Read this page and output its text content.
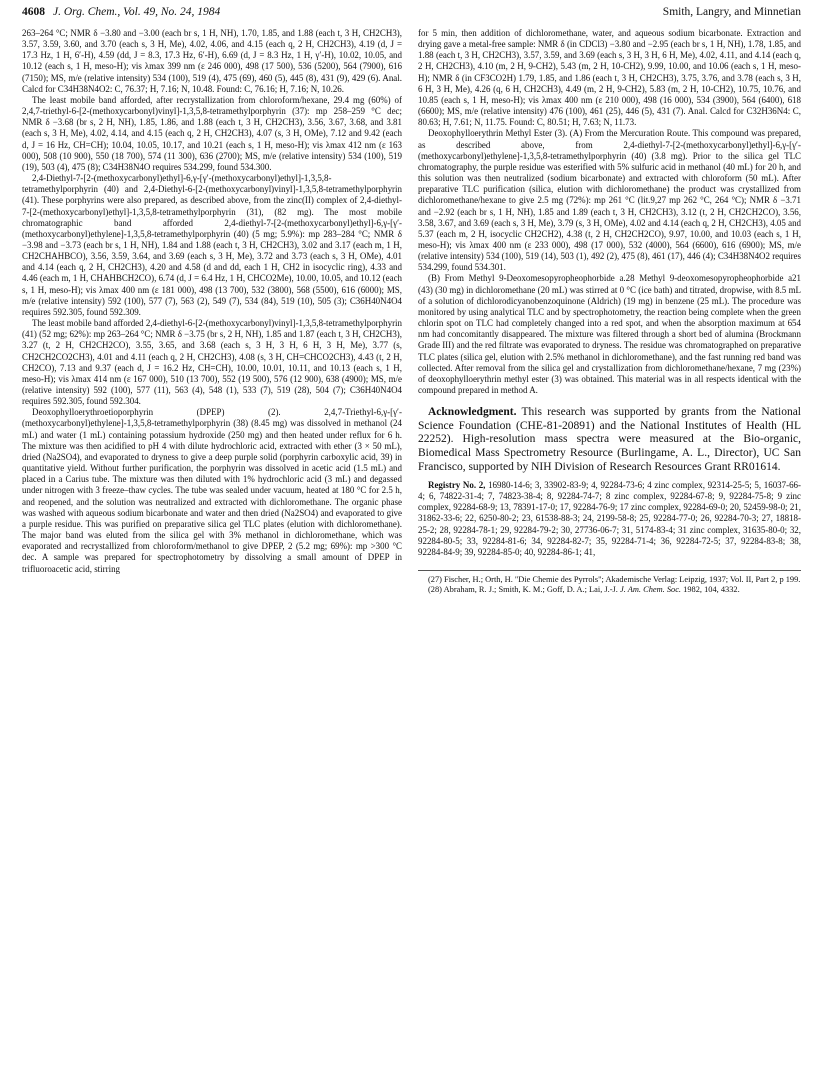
4608 J. Org. Chem., Vol. 49, No. 24, 1984	Smith, Langry, and Minnetian

263–264 °C; NMR δ −3.80 and −3.00 (each br s, 1 H, NH), 1.70, 1.85, and 1.88 (each t, 3 H, CH2CH3), 3.57, 3.59, 3.60, and 3.70 (each s, 3 H, Me), 4.02, 4.06, and 4.15 (each q, 2 H, CH2CH3), 4.19 (d, J = 17.3 Hz, 1 H, 6′-H), 4.59 (dd, J = 8.3, 17.3 Hz, 6′-H), 6.69 (d, J = 8.3 Hz, 1 H, γ′-H), 10.02, 10.05, and 10.12 (each s, 1 H, meso-H); vis λmax 399 nm (ε 246 000), 498 (17 500), 536 (5200), 564 (7900), 616 (7150); MS, m/e (relative intensity) 534 (100), 519 (4), 475 (69), 460 (5), 445 (8), 431 (9), 429 (6). Anal. Calcd for C34H38N4O2: C, 76.37; H, 7.16; N, 10.48. Found: C, 76.16; H, 7.16; N, 10.26.

The least mobile band afforded, after recrystallization from chloroform/hexane, 29.4 mg (60%) of 2,4,7-triethyl-6-[2-(methoxycarbonyl)vinyl]-1,3,5,8-tetramethylporphyrin (37): mp 258–259 °C dec; NMR δ −3.68 (br s, 2 H, NH), 1.85, 1.86, and 1.88 (each t, 3 H, CH2CH3), 3.56, 3.67, 3.68, and 3.81 (each s, 3 H, Me), 4.02, 4.14, and 4.15 (each q, 2 H, CH2CH3), 4.07 (s, 3 H, OMe), 7.12 and 9.42 (each d, J = 16 Hz, CH=CH); 10.04, 10.05, 10.17, and 10.21 (each s, 1 H, meso-H); vis λmax 412 nm (ε 163 000), 508 (10 900), 550 (18 700), 574 (11 300), 636 (2700); MS, m/e (relative intensity) 534 (100), 519 (19), 503 (4), 475 (8); C34H38N4O requires 534.299, found 534.300.

2,4-Diethyl-7-[2-(methoxycarbonyl)ethyl]-6,γ-[γ′-(methoxycarbonyl)ethyl]-1,3,5,8-tetramethylporphyrin (40) and 2,4-Diethyl-6-[2-(methoxycarbonyl)vinyl]-1,3,5,8-tetramethylporphyrin (41). These porphyrins were also prepared, as described above, from the zinc(II) complex of 2,4-diethyl-7-[2-(methoxycarbonyl)ethyl]-1,3,5,8-tetramethylporphyrin (31), (82 mg). The most mobile chromatographic band afforded 2,4-diethyl-7-[2-(methoxycarbonyl)ethyl]-6,γ-[γ′-(methoxycarbonyl)ethylene]-1,3,5,8-tetramethylporphyrin (40) (5 mg; 5.9%): mp 283–284 °C; NMR δ −3.98 and −3.73 (each br s, 1 H, NH), 1.84 and 1.88 (each t, 3 H, CH2CH3), 3.02 and 3.17 (each m, 1 H, CH2CHAHBCO), 3.56, 3.59, 3.64, and 3.69 (each s, 3 H, Me), 3.72 and 3.73 (each s, 3 H, OMe), 4.01 and 4.14 (each q, 2 H, CH2CH3), 4.20 and 4.58 (d and dd, each 1 H, CH2 in isocyclic ring), 4.33 and 4.46 (each m, 1 H, CHAHBCH2CO), 6.74 (d, J = 6.4 Hz, 1 H, CHCO2Me), 10.00, 10.05, and 10.12 (each s, 1 H, meso-H); vis λmax 400 nm (ε 181 000), 498 (13 700), 532 (3800), 568 (5500), 616 (6000); MS, m/e (relative intensity) 592 (100), 577 (7), 563 (2), 549 (7), 534 (84), 519 (10), 505 (3); C36H40N4O4 requires 592.305, found 592.309.

The least mobile band afforded 2,4-diethyl-6-[2-(methoxycarbonyl)vinyl]-1,3,5,8-tetramethylporphyrin (41) (52 mg; 62%): mp 263–264 °C; NMR δ −3.75 (br s, 2 H, NH), 1.85 and 1.87 (each t, 3 H, CH2CH3), 3.27 (t, 2 H, CH2CH2CO), 3.55, 3.65, and 3.68 (each s, 3 H, 3 H, 6 H, 3 H, Me), 3.77 (s, CH2CH2CO2CH3), 4.01 and 4.11 (each q, 2 H, CH2CH3), 4.08 (s, 3 H, CH=CHCO2CH3), 4.43 (t, 2 H, CH2CO), 7.13 and 9.37 (each d, J = 16.2 Hz, CH=CH), 10.00, 10.01, 10.11, and 10.13 (each s, 1 H, meso-H); vis λmax 414 nm (ε 167 000), 510 (13 700), 552 (19 500), 576 (12 900), 638 (4900); MS, m/e (relative intensity) 592 (100), 577 (11), 563 (4), 548 (1), 533 (7), 519 (28), 504 (7); C36H40N4O4 requires 592.305, found 592.304.

Deoxophylloerythroetioporphyrin (DPEP) (2). 2,4,7-Triethyl-6,γ-[γ′-(methoxycarbonyl)ethylene]-1,3,5,8-tetramethylporphyrin (38) (8.45 mg) was dissolved in methanol (24 mL) and water (1 mL) containing potassium hydroxide (250 mg) and then heated under reflux for 6 h. The mixture was then acidified to pH 4 with dilute hydrochloric acid, extracted with ether (3 × 50 mL), dried (Na2SO4), and evaporated to dryness to give a deep purple solid (porphyrin carboxylic acid, 39) in quantitative yield. Without further purification, the porphyrin was dissolved in acetic acid (1.5 mL) and placed in a Carius tube. The mixture was then diluted with 1% hydrochloric acid (3 mL) and degassed under nitrogen with 3 freeze–thaw cycles. The tube was sealed under vacuum, heated at 180 °C for 2.5 h, and reopened, and the solution was neutralized and extracted with dichloromethane. The organic phase was washed with aqueous sodium bicarbonate and water and then dried (Na2SO4) and evaporated to give a purple residue. This was purified on preparative silica gel TLC plates (elution with dichloromethane). The major band was eluted from the silica gel with 3% methanol in dichloromethane, which was evaporated and recrystallized from chloroform/methanol to give DPEP, 2 (5.2 mg; 69%): mp >300 °C dec. A sample was prepared for spectrophotometry by dissolving a small amount of DPEP in trifluoroacetic acid, stirring

for 5 min, then addition of dichloromethane, water, and aqueous sodium bicarbonate. Extraction and drying gave a metal-free sample: NMR δ (in CDCl3) −3.80 and −2.95 (each br s, 1 H, NH), 1.78, 1.85, and 1.88 (each t, 3 H, CH2CH3), 3.57, 3.59, and 3.69 (each s, 3 H, 3 H, 6 H, Me), 4.02, 4.11, and 4.14 (each q, 2 H, CH2CH3), 4.10 (m, 2 H, 9-CH2), 5.43 (m, 2 H, 10-CH2), 9.99, 10.00, and 10.06 (each s, 1 H, meso-H); NMR δ (in CF3CO2H) 1.79, 1.85, and 1.86 (each t, 3 H, CH2CH3), 3.75, 3.76, and 3.78 (each s, 3 H, 6 H, 3 H, Me), 4.26 (q, 6 H, CH2CH3), 4.49 (m, 2 H, 9-CH2), 5.83 (m, 2 H, 10-CH2), 10.75, 10.76, and 10.85 (each s, 1 H, meso-H); vis λmax 400 nm (ε 210 000), 498 (16 000), 534 (3900), 564 (6400), 618 (6600); MS, m/e (relative intensity) 476 (100), 461 (25), 446 (5), 431 (7). Anal. Calcd for C32H36N4: C, 80.63; H, 7.61; N, 11.75. Found: C, 80.51; H, 7.63; N, 11.73.

Deoxophylloerythrin Methyl Ester (3). (A) From the Mercuration Route. This compound was prepared, as described above, from 2,4-diethyl-7-[2-(methoxycarbonyl)ethyl]-6,γ-[γ′-(methoxycarbonyl)ethylene]-1,3,5,8-tetramethylporphyrin (40) (3.8 mg). Prior to the silica gel TLC chromatography, the purple residue was esterified with 5% sulfuric acid in methanol (40 mL) for 20 h, and this solution was then neutralized (sodium bicarbonate) and extracted with chloroform (50 mL). After preparative TLC purification (silica, elution with dichloromethane) the product was crystallized from dichloromethane/hexane to give 2.5 mg (72%): mp 261 °C (lit.9,27 mp 262 °C, 264 °C); NMR δ −3.71 and −2.92 (each br s, 1 H, NH), 1.85 and 1.89 (each t, 3 H, CH2CH3), 3.12 (t, 2 H, CH2CH2CO), 3.56, 3.58, 3.67, and 3.69 (each s, 3 H, Me), 3.79 (s, 3 H, OMe), 4.02 and 4.14 (each q, 2 H, CH2CH3), 4.05 and 5.37 (each m, 2 H, isocyclic CH2CH2), 4.38 (t, 2 H, CH2CH2CO), 9.97, 10.00, and 10.03 (each s, 1 H, meso-H); vis λmax 400 nm (ε 233 000), 498 (17 000), 532 (4000), 564 (6600), 616 (6900); MS, m/e (relative intensity) 534 (100), 519 (14), 503 (1), 492 (2), 475 (8), 461 (17), 446 (4); C34H38N4O2 requires 534.299, found 534.301.

(B) From Methyl 9-Deoxomesopyropheophorbide a.28 Methyl 9-deoxomesopyropheophorbide a21 (43) (30 mg) in dichloromethane (20 mL) was stirred at 0 °C (ice bath) and titrated, dropwise, with 8.5 mL of a solution of dichlorodicyanobenzoquinone (Aldrich) (19 mg) in benzene (25 mL). The procedure was monitored by using analytical TLC and by spectrophotometry, the reaction being complete when the green chlorin spot on TLC had completely changed into a red spot, and when the absorption maximum at 654 nm had concomitantly disappeared. The mixture was filtered through a short bed of alumina (Brockmann Grade III) and the red filtrate was evaporated to dryness. The residue was chromatographed on preparative TLC plates (silica gel, elution with 2.5% methanol in dichloromethane), and the fast running red band was collected. After removal from the silica gel and crystallization from dichloromethane/hexane, 7 mg (23%) of deoxophylloerythrin methyl ester (3) was obtained. This material was in all respects identical with the compound prepared in method A.

Acknowledgment. This research was supported by grants from the National Science Foundation (CHE-81-20891) and the National Institutes of Health (HL 22252). High-resolution mass spectra were measured at the Bio-organic, Biomedical Mass Spectrometry Resource (Burlingame, A. L., Director), UC San Francisco, supported by NIH Division of Research Resources Grant RR01614.
Registry No. 2, 16980-14-6; 3, 33902-83-9; 4, 92284-73-6; 4 zinc complex, 92314-25-5; 5, 16037-66-4; 6, 74822-31-4; 7, 74823-38-4; 8, 92284-74-7; 8 zinc complex, 92284-67-8; 9, 92284-75-8; 9 zinc complex, 92284-68-9; 13, 78391-17-0; 17, 92284-76-9; 17 zinc complex, 92284-69-0; 20, 52459-98-0; 21, 31862-33-6; 22, 6250-80-2; 23, 61538-88-3; 24, 2199-58-8; 25, 92284-77-0; 26, 92284-70-3; 27, 18818-25-2; 28, 92284-78-1; 29, 92284-79-2; 30, 27736-06-7; 31, 5174-83-4; 31 zinc complex, 31635-80-0; 32, 92284-80-5; 33, 92284-81-6; 34, 92284-82-7; 35, 92284-71-4; 36, 92284-72-5; 37, 92284-83-8; 38, 92284-84-9; 39, 92284-85-0; 40, 92284-86-1; 41,
(27) Fischer, H.; Orth, H. "Die Chemie des Pyrrols"; Akademische Verlag: Leipzig, 1937; Vol. II, Part 2, p 199.
(28) Abraham, R. J.; Smith, K. M.; Goff, D. A.; Lai, J.-J. J. Am. Chem. Soc. 1982, 104, 4332.
